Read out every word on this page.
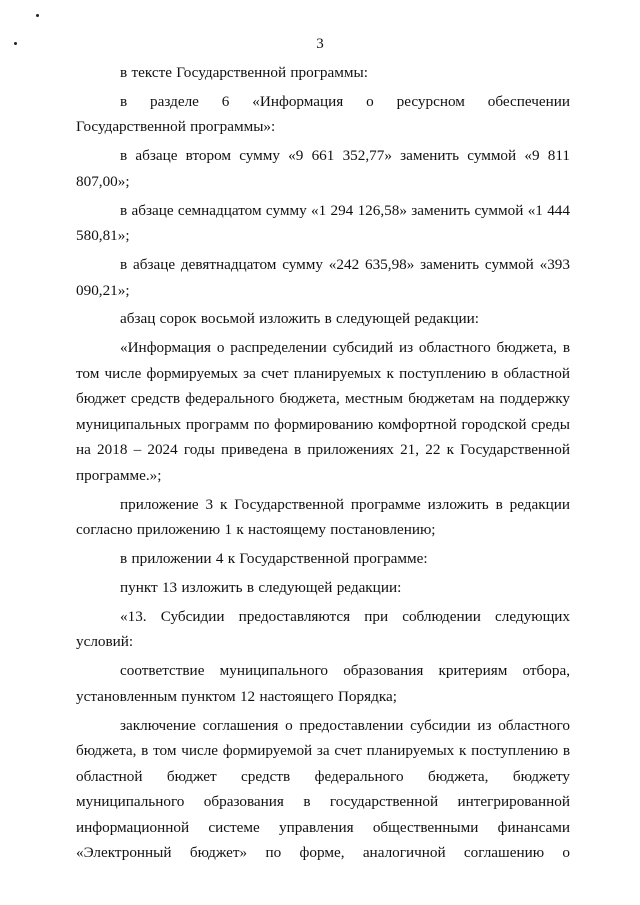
3

в тексте Государственной программы:

в разделе 6 «Информация о ресурсном обеспечении Государственной программы»:

в абзаце втором сумму «9 661 352,77» заменить суммой «9 811 807,00»;

в абзаце семнадцатом сумму «1 294 126,58» заменить суммой «1 444 580,81»;

в абзаце девятнадцатом сумму «242 635,98» заменить суммой «393 090,21»;

абзац сорок восьмой изложить в следующей редакции:

«Информация о распределении субсидий из областного бюджета, в том числе формируемых за счет планируемых к поступлению в областной бюджет средств федерального бюджета, местным бюджетам на поддержку муниципальных программ по формированию комфортной городской среды на 2018 – 2024 годы приведена в приложениях 21, 22 к Государственной программе.»;

приложение 3 к Государственной программе изложить в редакции согласно приложению 1 к настоящему постановлению;

в приложении 4 к Государственной программе:

пункт 13 изложить в следующей редакции:

«13. Субсидии предоставляются при соблюдении следующих условий:

соответствие муниципального образования критериям отбора, установленным пунктом 12 настоящего Порядка;

заключение соглашения о предоставлении субсидии из областного бюджета, в том числе формируемой за счет планируемых к поступлению в областной бюджет средств федерального бюджета, бюджету муниципального образования в государственной интегрированной информационной системе управления общественными финансами «Электронный бюджет» по форме, аналогичной соглашению о
